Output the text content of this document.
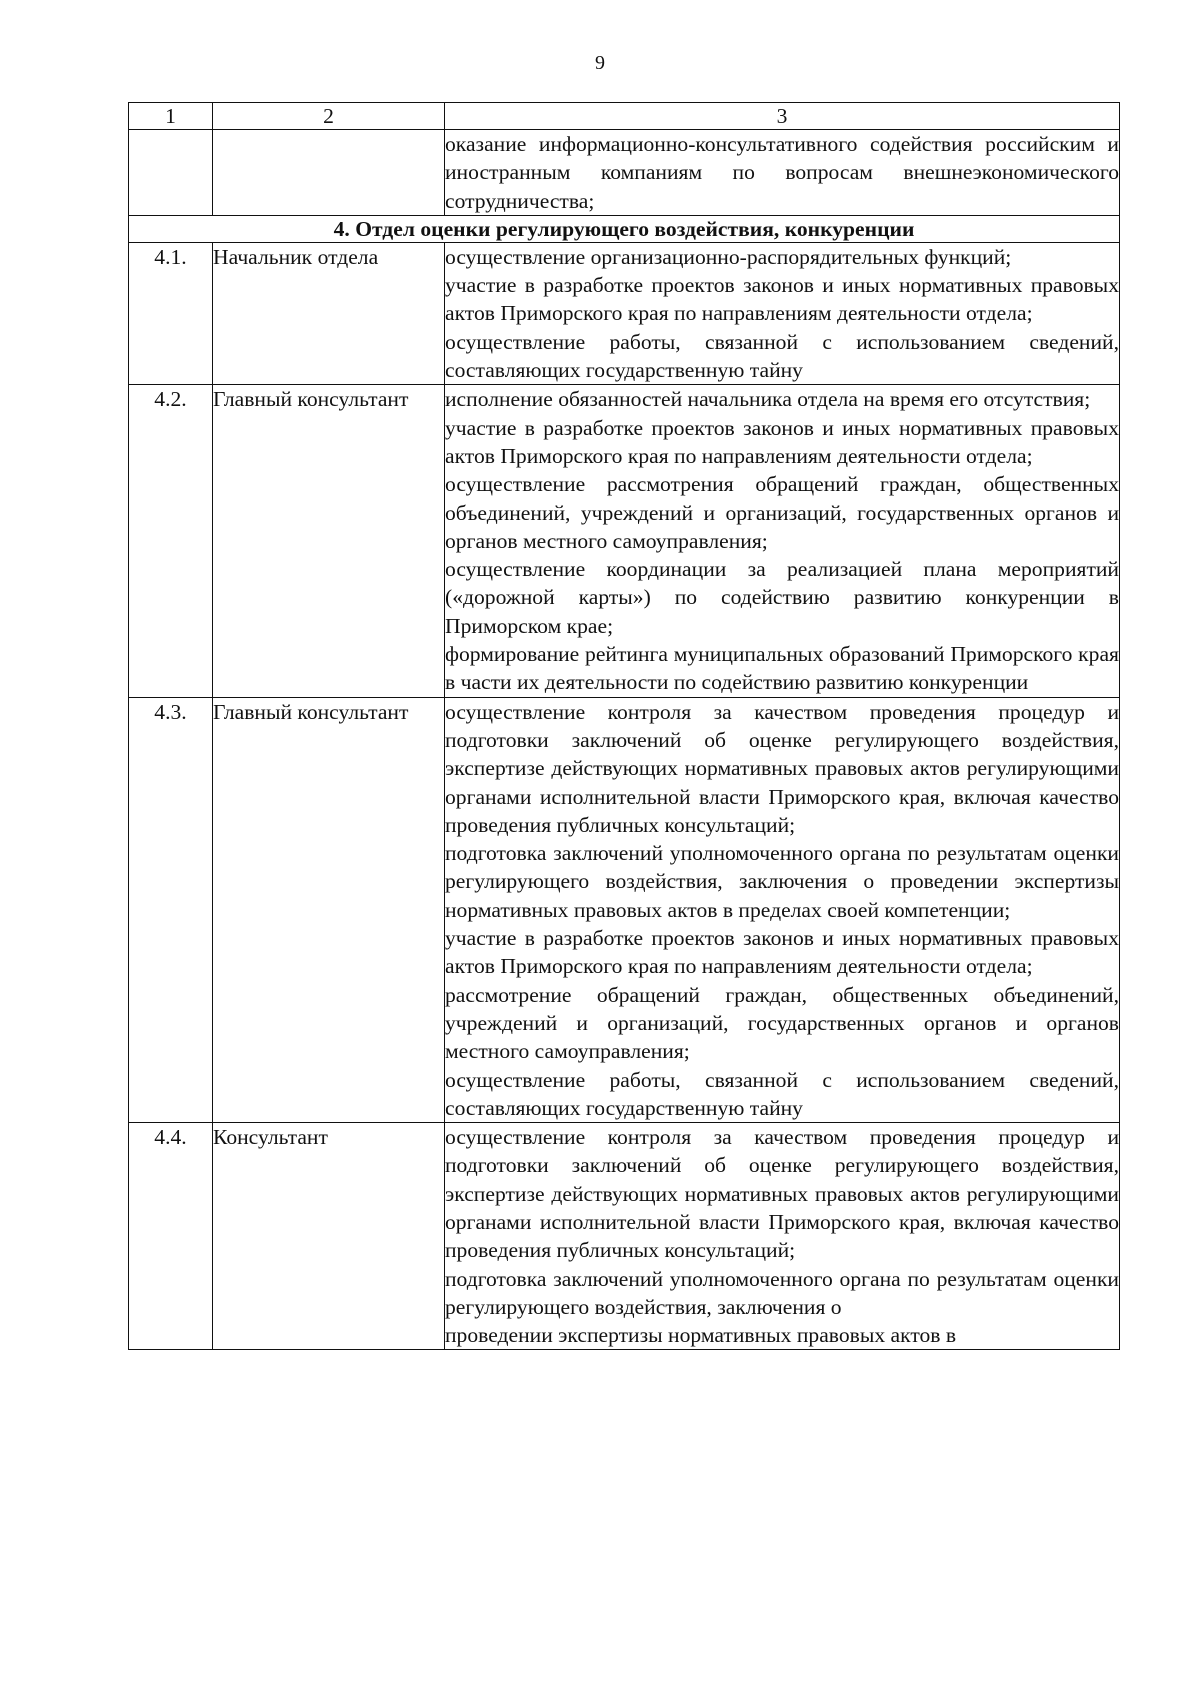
9
1	2	3

		оказание информационно-консультативного содействия российским и иностранным компаниям по вопросам внешнеэкономического сотрудничества;

4. Отдел оценки регулирующего воздействия, конкуренции		
4.1.	Начальник отдела	осуществление организационно-распорядительных функций;
участие в разработке проектов законов и иных нормативных правовых актов Приморского края по направлениям деятельности отдела;
осуществление работы, связанной с использованием сведений, составляющих государственную тайну

4.2.	Главный консультант	исполнение обязанностей начальника отдела на время его отсутствия;
участие в разработке проектов законов и иных нормативных правовых актов Приморского края по направлениям деятельности отдела;
осуществление рассмотрения обращений граждан, общественных объединений, учреждений и организаций, государственных органов и органов местного самоуправления;
осуществление координации за реализацией плана мероприятий («дорожной карты») по содействию развитию конкуренции в Приморском крае;
формирование рейтинга муниципальных образований Приморского края в части их деятельности по содействию развитию конкуренции

4.3.	Главный консультант	осуществление контроля за качеством проведения процедур и подготовки заключений об оценке регулирующего воздействия, экспертизе действующих нормативных правовых актов регулирующими органами исполнительной власти Приморского края, включая качество проведения публичных консультаций;
подготовка заключений уполномоченного органа по результатам оценки регулирующего воздействия, заключения о проведении экспертизы нормативных правовых актов в пределах своей компетенции;
участие в разработке проектов законов и иных нормативных правовых актов Приморского края по направлениям деятельности отдела;
рассмотрение обращений граждан, общественных объединений, учреждений и организаций, государственных органов и органов местного самоуправления;
осуществление работы, связанной с использованием сведений, составляющих государственную тайну

4.4.	Консультант	осуществление контроля за качеством проведения процедур и подготовки заключений об оценке регулирующего воздействия, экспертизе действующих нормативных правовых актов регулирующими органами исполнительной власти Приморского края, включая качество проведения публичных консультаций;
подготовка заключений уполномоченного органа по результатам оценки регулирующего воздействия, заключения о
проведении экспертизы нормативных правовых актов в
